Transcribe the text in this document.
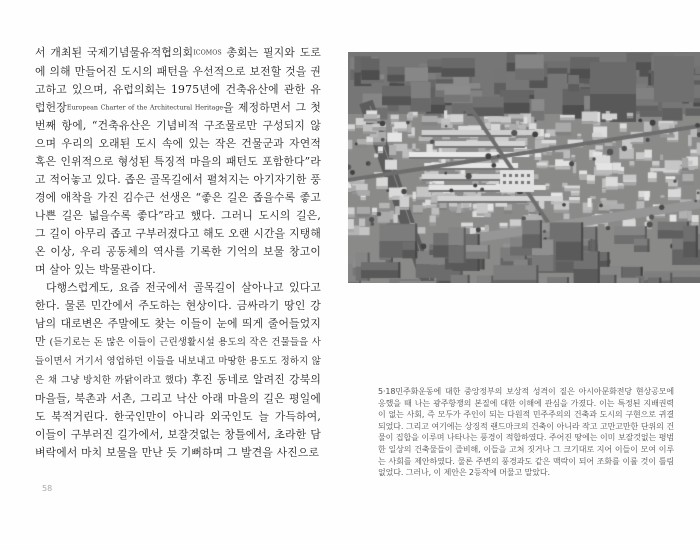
서 개최된 국제기념물유적협의회ICOMOS 총회는 필지와 도로에 의해 만들어진 도시의 패턴을 우선적으로 보전할 것을 권고하고 있으며, 유럽의회는 1975년에 건축유산에 관한 유럽헌장European Charter of the Architectural Heritage을 제정하면서 그 첫 번째 항에, “건축유산은 기념비적 구조물로만 구성되지 않으며 우리의 오래된 도시 속에 있는 작은 건물군과 자연적 혹은 인위적으로 형성된 특징적 마을의 패턴도 포함한다”라고 적어놓고 있다. 좁은 골목길에서 펼쳐지는 아기자기한 풍경에 애착을 가진 김수근 선생은 “좋은 길은 좁을수록 좋고 나쁜 길은 넓을수록 좋다”라고 했다. 그러니 도시의 길은, 그 길이 아무리 좁고 구부러졌다고 해도 오랜 시간을 지탱해온 이상, 우리 공동체의 역사를 기록한 기억의 보물 창고이며 살아 있는 박물관이다.

다행스럽게도, 요즘 전국에서 골목길이 살아나고 있다고 한다. 물론 민간에서 주도하는 현상이다. 금싸라기 땅인 강남의 대로변은 주말에도 찾는 이들이 눈에 띄게 줄어들었지만 (듣기로는 돈 많은 이들이 근린생활시설 용도의 작은 건물들을 사들이면서 거기서 영업하던 이들을 내보내고 마땅한 용도도 정하지 않은 채 그냥 방치한 까닭이라고 했다) 후진 동네로 알려진 강북의 마을들, 북촌과 서촌, 그리고 낙산 아래 마을의 길은 평일에도 북적거린다. 한국인만이 아니라 외국인도 늘 가득하여, 이들이 구부러진 길가에서, 보잘것없는 창틀에서, 초라한 담벼락에서 마치 보물을 만난 듯 기뻐하며 그 발견을 사진으로

58
5·18민주화운동에 대한 중앙정부의 보상적 성격이 짙은 아시아문화전당 현상공모에 응했을 때 나는 광주항쟁의 본질에 대한 이해에 관심을 가졌다. 이는 특정된 지배권력이 없는 사회, 즉 모두가 주인이 되는 다원적 민주주의의 건축과 도시의 구현으로 귀결되었다. 그리고 여기에는 상징적 랜드마크의 건축이 아니라 작고 고만고만한 단위의 건물이 집합을 이루며 나타나는 풍경이 적합하였다. 주어진 땅에는 이미 보잘것없는 평범한 일상의 건축물들이 즐비해, 이들을 고쳐 짓거나 그 크기대로 지어 이들이 모여 이루는 사회를 제안하였다. 물론 주변의 풍경과도 같은 맥락이 되어 조화를 이룰 것이 틀림없었다. 그러나, 이 제안은 2등작에 머물고 말았다.
